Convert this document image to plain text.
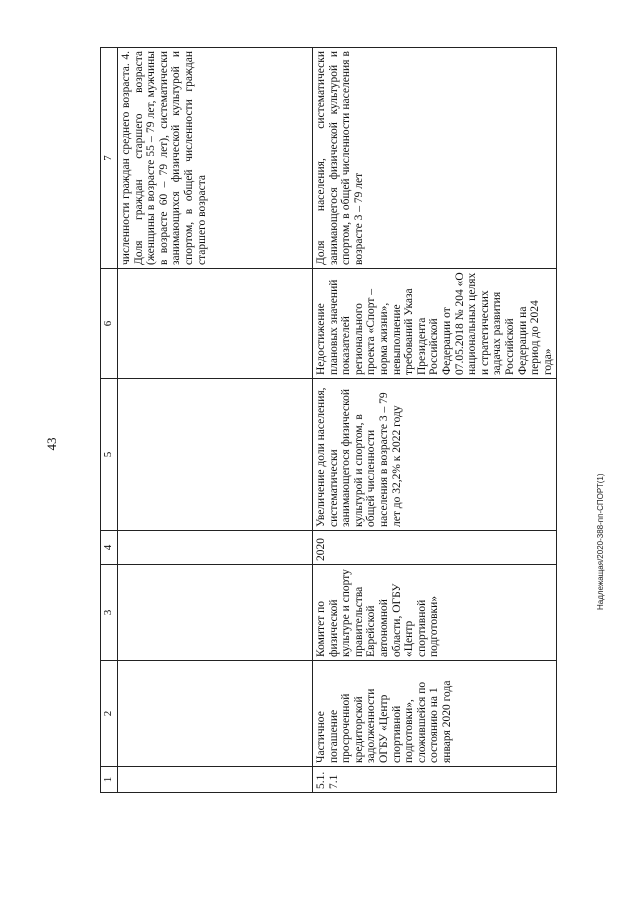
43
1	2	3	4	5	6	7
						численности граждан среднего возраста. 4. Доля граждан старшего возраста (женщины в возрасте 55 – 79 лет, мужчины в возрасте 60 – 79 лет), систематически занимающихся физической культурой и спортом, в общей численности граждан старшего возраста
5.1.7.1	Частичное погашение просроченной кредиторской задолженности ОГБУ «Центр спортивной подготовки», сложившейся по состоянию на 1 января 2020 года	Комитет по физической культуре и спорту правительства Еврейской автономной области, ОГБУ «Центр спортивной подготовки»	2020	Увеличение доли населения, систематически занимающегося физической культурой и спортом, в общей численности населения в возрасте 3 – 79 лет до 32,2% к 2022 году	Недостижение плановых значений показателей регионального проекта «Спорт – норма жизни», невыполнение требований Указа Президента Российской Федерации от 07.05.2018 № 204 «О национальных целях и стратегических задачах развития Российской Федерации на период до 2024 года»	Доля населения, систематически занимающегося физической культурой и спортом, в общей численности населения в возрасте 3 – 79 лет
Надлежащая/2020-388-пп-СПОРТ(1)
